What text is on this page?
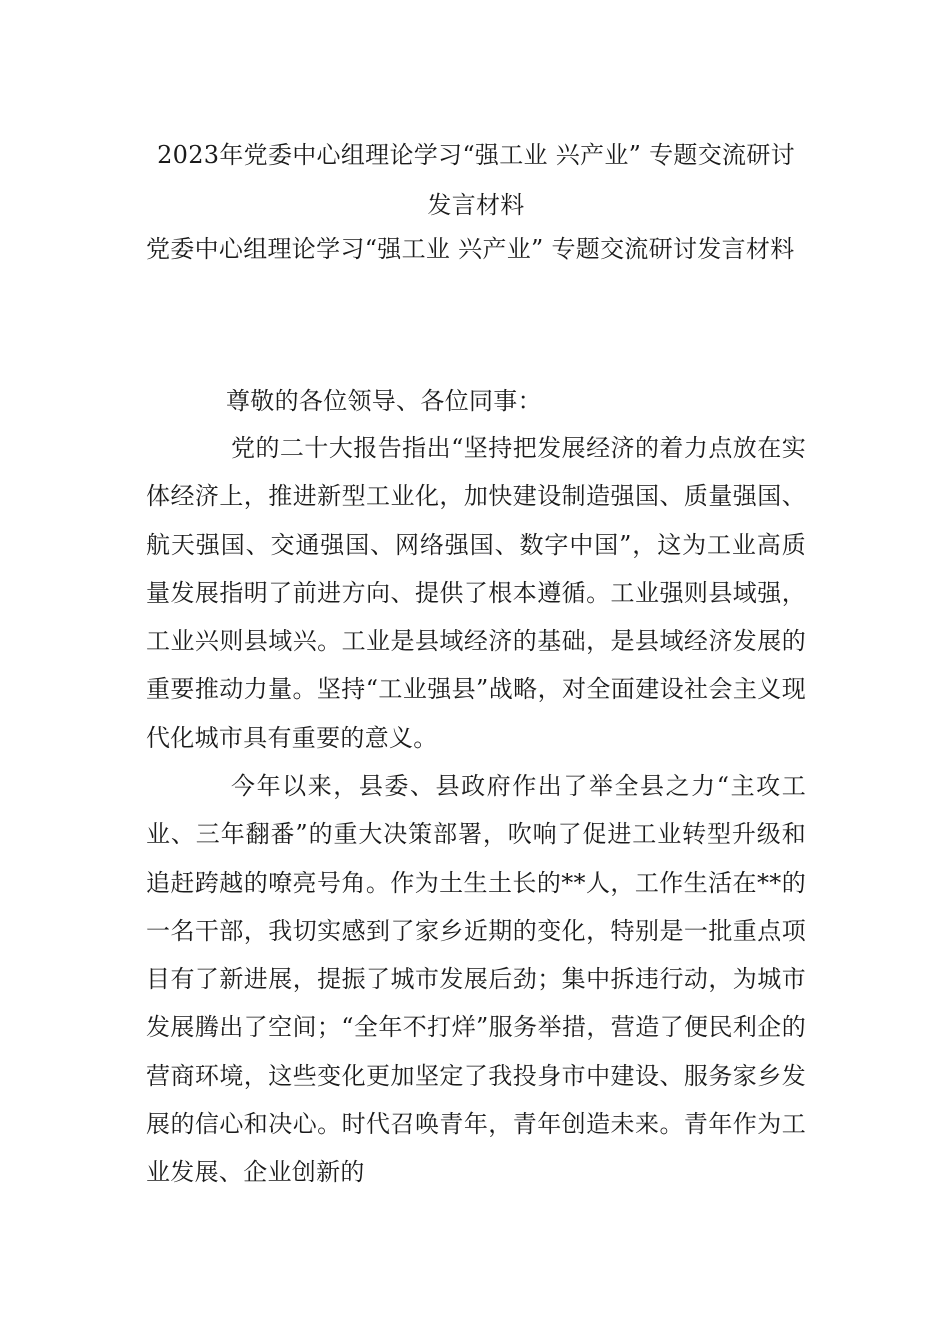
2023年党委中心组理论学习“强工业 兴产业” 专题交流研讨发言材料

党委中心组理论学习“强工业 兴产业” 专题交流研讨发言材料

尊敬的各位领导、各位同事：

党的二十大报告指出“坚持把发展经济的着力点放在实体经济上，推进新型工业化，加快建设制造强国、质量强国、航天强国、交通强国、网络强国、数字中国”，这为工业高质量发展指明了前进方向、提供了根本遵循。工业强则县域强，工业兴则县域兴。工业是县域经济的基础，是县域经济发展的重要推动力量。坚持“工业强县”战略，对全面建设社会主义现代化城市具有重要的意义。

今年以来，县委、县政府作出了举全县之力“主攻工业、三年翻番”的重大决策部署，吹响了促进工业转型升级和追赶跨越的嘹亮号角。作为土生土长的**人，工作生活在**的一名干部，我切实感到了家乡近期的变化，特别是一批重点项目有了新进展，提振了城市发展后劲；集中拆违行动，为城市发展腾出了空间；“全年不打烊”服务举措，营造了便民利企的营商环境，这些变化更加坚定了我投身市中建设、服务家乡发展的信心和决心。时代召唤青年，青年创造未来。青年作为工业发展、企业创新的
